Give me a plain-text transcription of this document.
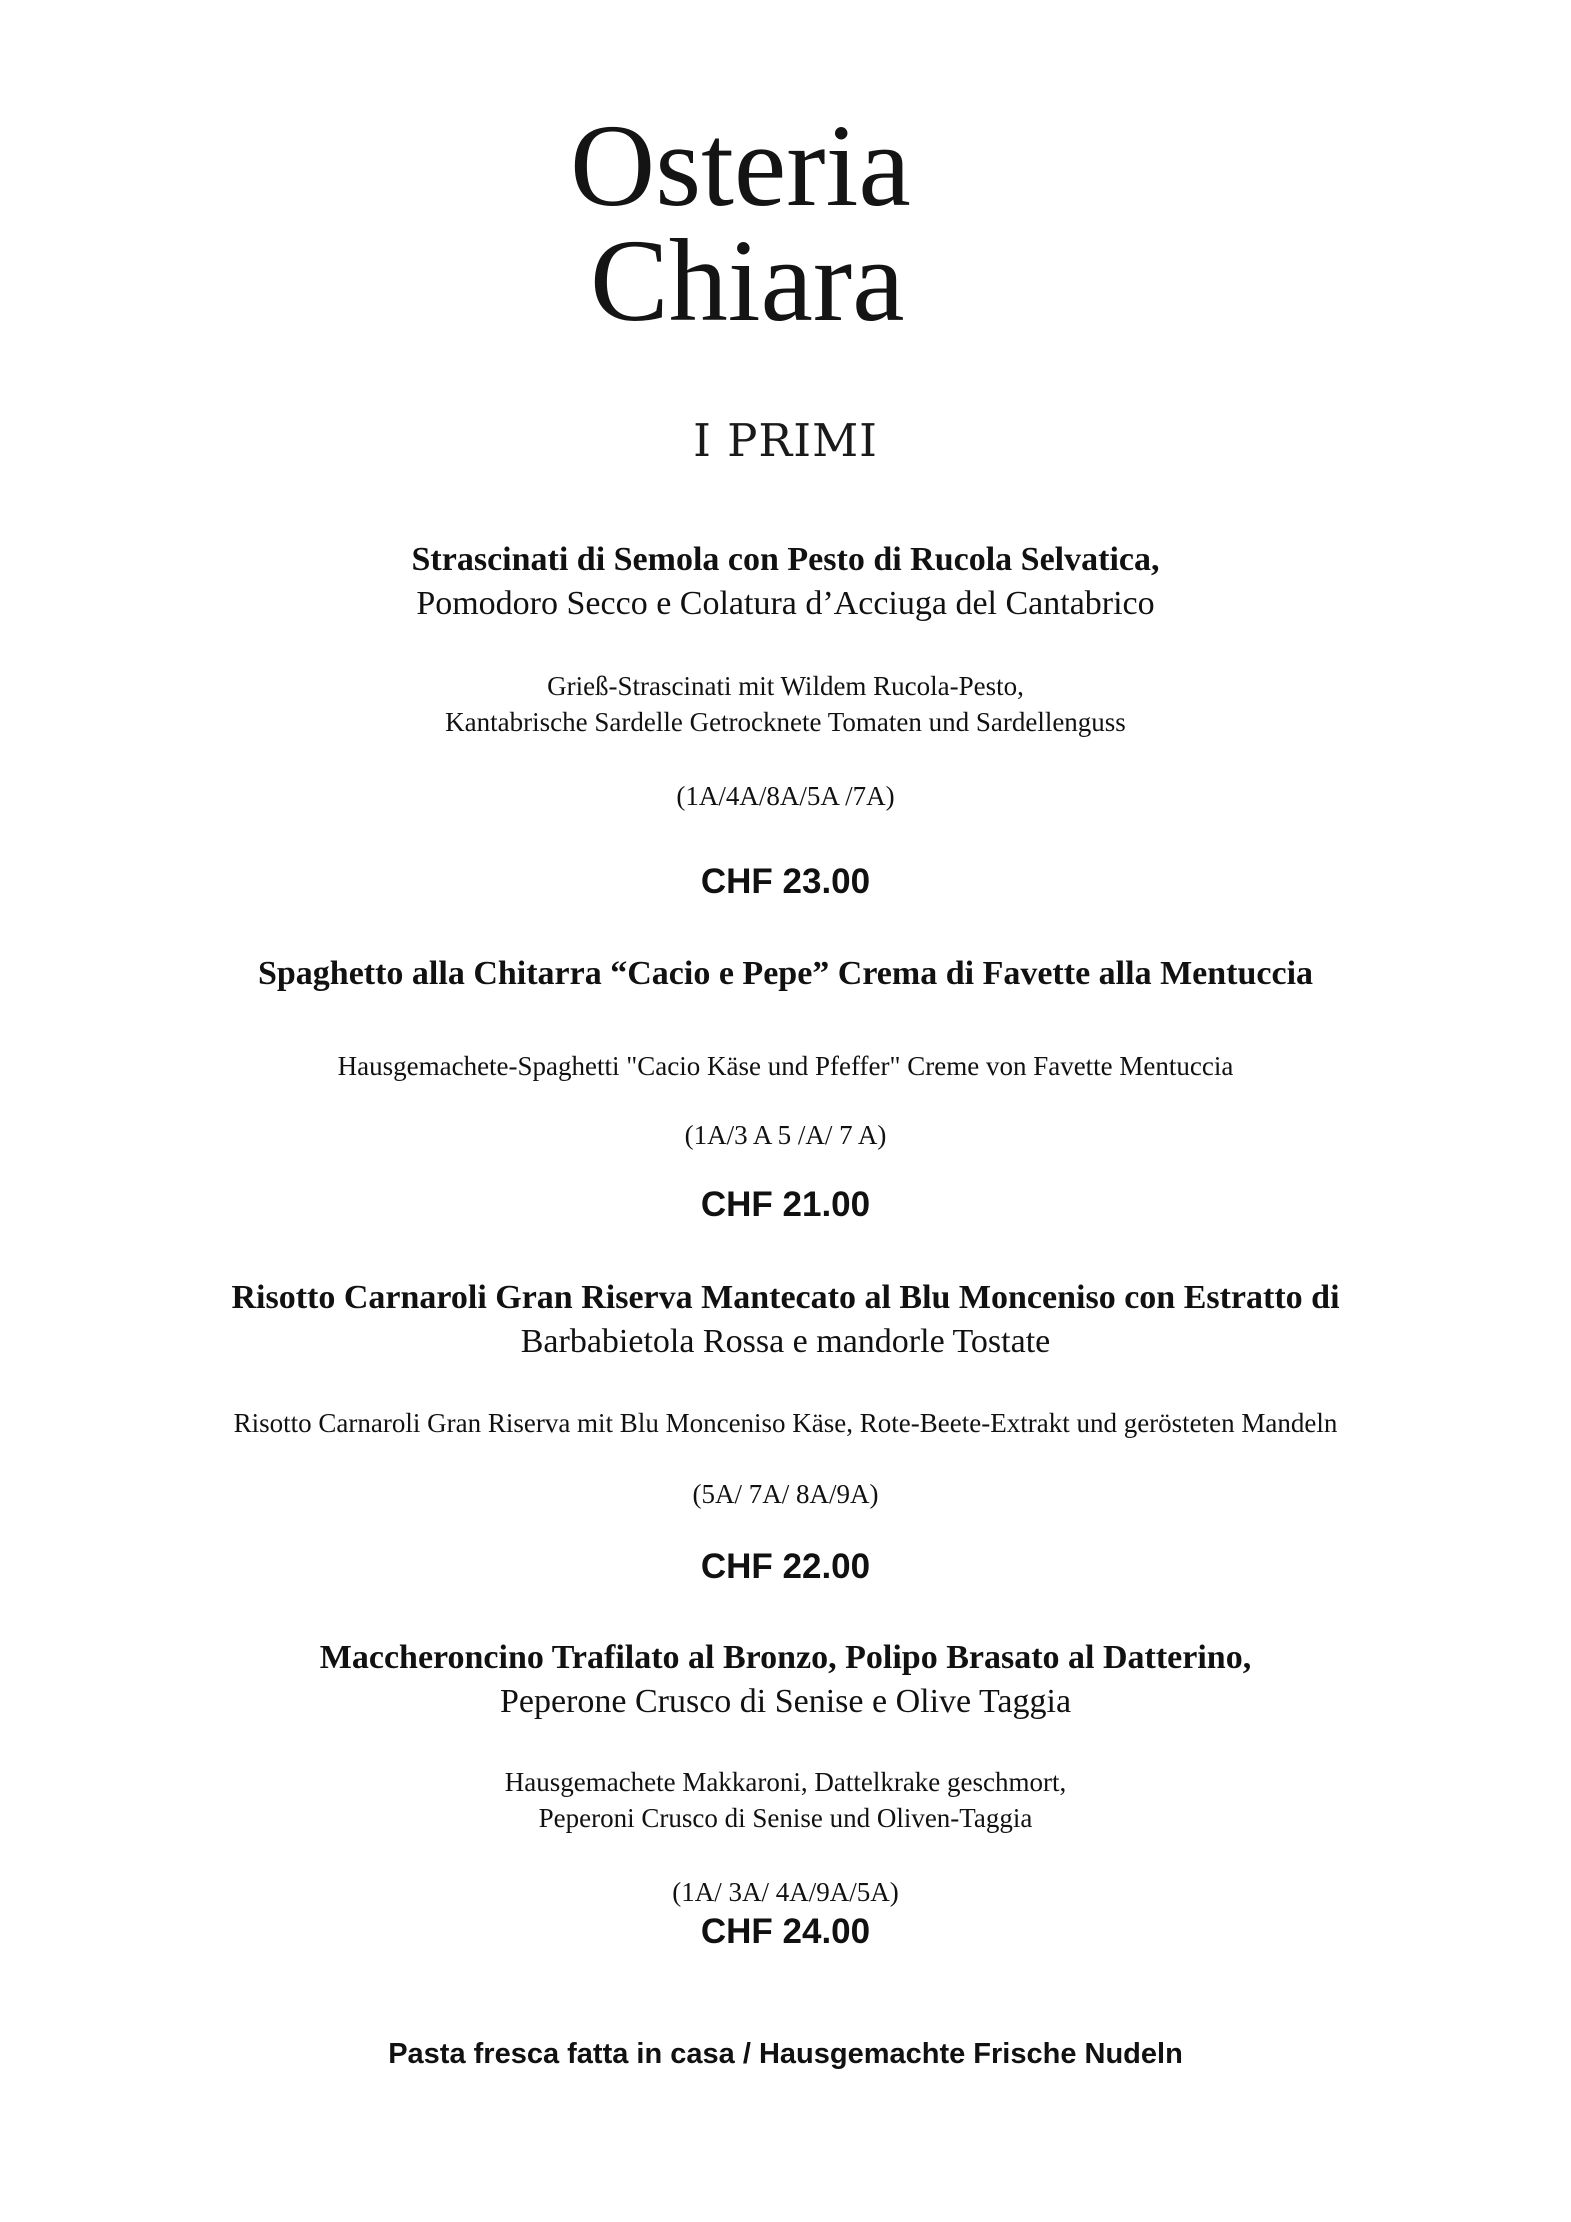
Osteria
Chiara
I PRIMI
Strascinati di Semola con Pesto di Rucola Selvatica,
Pomodoro Secco e Colatura d’Acciuga del Cantabrico
Grieß-Strascinati mit Wildem Rucola-Pesto,
Kantabrische Sardelle Getrocknete Tomaten und Sardellenguss
(1A/4A/8A/5A /7A)
CHF 23.00
Spaghetto alla Chitarra “Cacio e Pepe” Crema di Favette alla Mentuccia
Hausgemachete-Spaghetti "Cacio Käse und Pfeffer" Creme von Favette Mentuccia
(1A/3 A 5 /A/ 7 A)
CHF 21.00
Risotto Carnaroli Gran Riserva Mantecato al Blu Monceniso con Estratto di
Barbabietola Rossa e mandorle Tostate
Risotto Carnaroli Gran Riserva mit Blu Monceniso Käse, Rote-Beete-Extrakt und gerösteten Mandeln
(5A/ 7A/ 8A/9A)
CHF 22.00
Maccheroncino Trafilato al Bronzo, Polipo Brasato al Datterino,
Peperone Crusco di Senise e Olive Taggia
Hausgemachete Makkaroni, Dattelkrake geschmort,
Peperoni Crusco di Senise und Oliven-Taggia
(1A/ 3A/ 4A/9A/5A)
CHF 24.00
Pasta fresca fatta in casa / Hausgemachte Frische Nudeln
